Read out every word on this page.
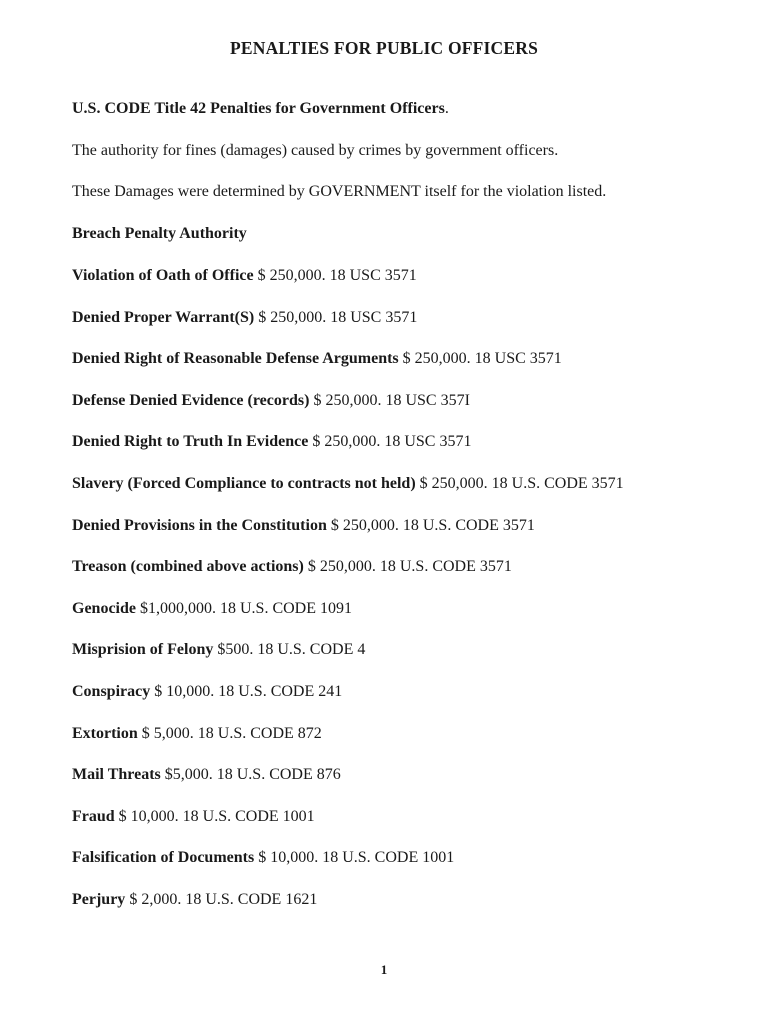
PENALTIES FOR PUBLIC OFFICERS
U.S. CODE Title 42 Penalties for Government Officers.
The authority for fines (damages) caused by crimes by government officers.
These Damages were determined by GOVERNMENT itself for the violation listed.
Breach Penalty Authority
Violation of Oath of Office $ 250,000. 18 USC 3571
Denied Proper Warrant(S) $ 250,000. 18 USC 3571
Denied Right of Reasonable Defense Arguments $ 250,000. 18 USC 3571
Defense Denied Evidence (records) $ 250,000. 18 USC 357I
Denied Right to Truth In Evidence $ 250,000. 18 USC 3571
Slavery (Forced Compliance to contracts not held) $ 250,000. 18 U.S. CODE 3571
Denied Provisions in the Constitution $ 250,000. 18 U.S. CODE 3571
Treason (combined above actions) $ 250,000. 18 U.S. CODE 3571
Genocide $1,000,000. 18 U.S. CODE 1091
Misprision of Felony $500. 18 U.S. CODE 4
Conspiracy $ 10,000. 18 U.S. CODE 241
Extortion $ 5,000. 18 U.S. CODE 872
Mail Threats $5,000. 18 U.S. CODE 876
Fraud $ 10,000. 18 U.S. CODE 1001
Falsification of Documents $ 10,000. 18 U.S. CODE 1001
Perjury $ 2,000. 18 U.S. CODE 1621
1
